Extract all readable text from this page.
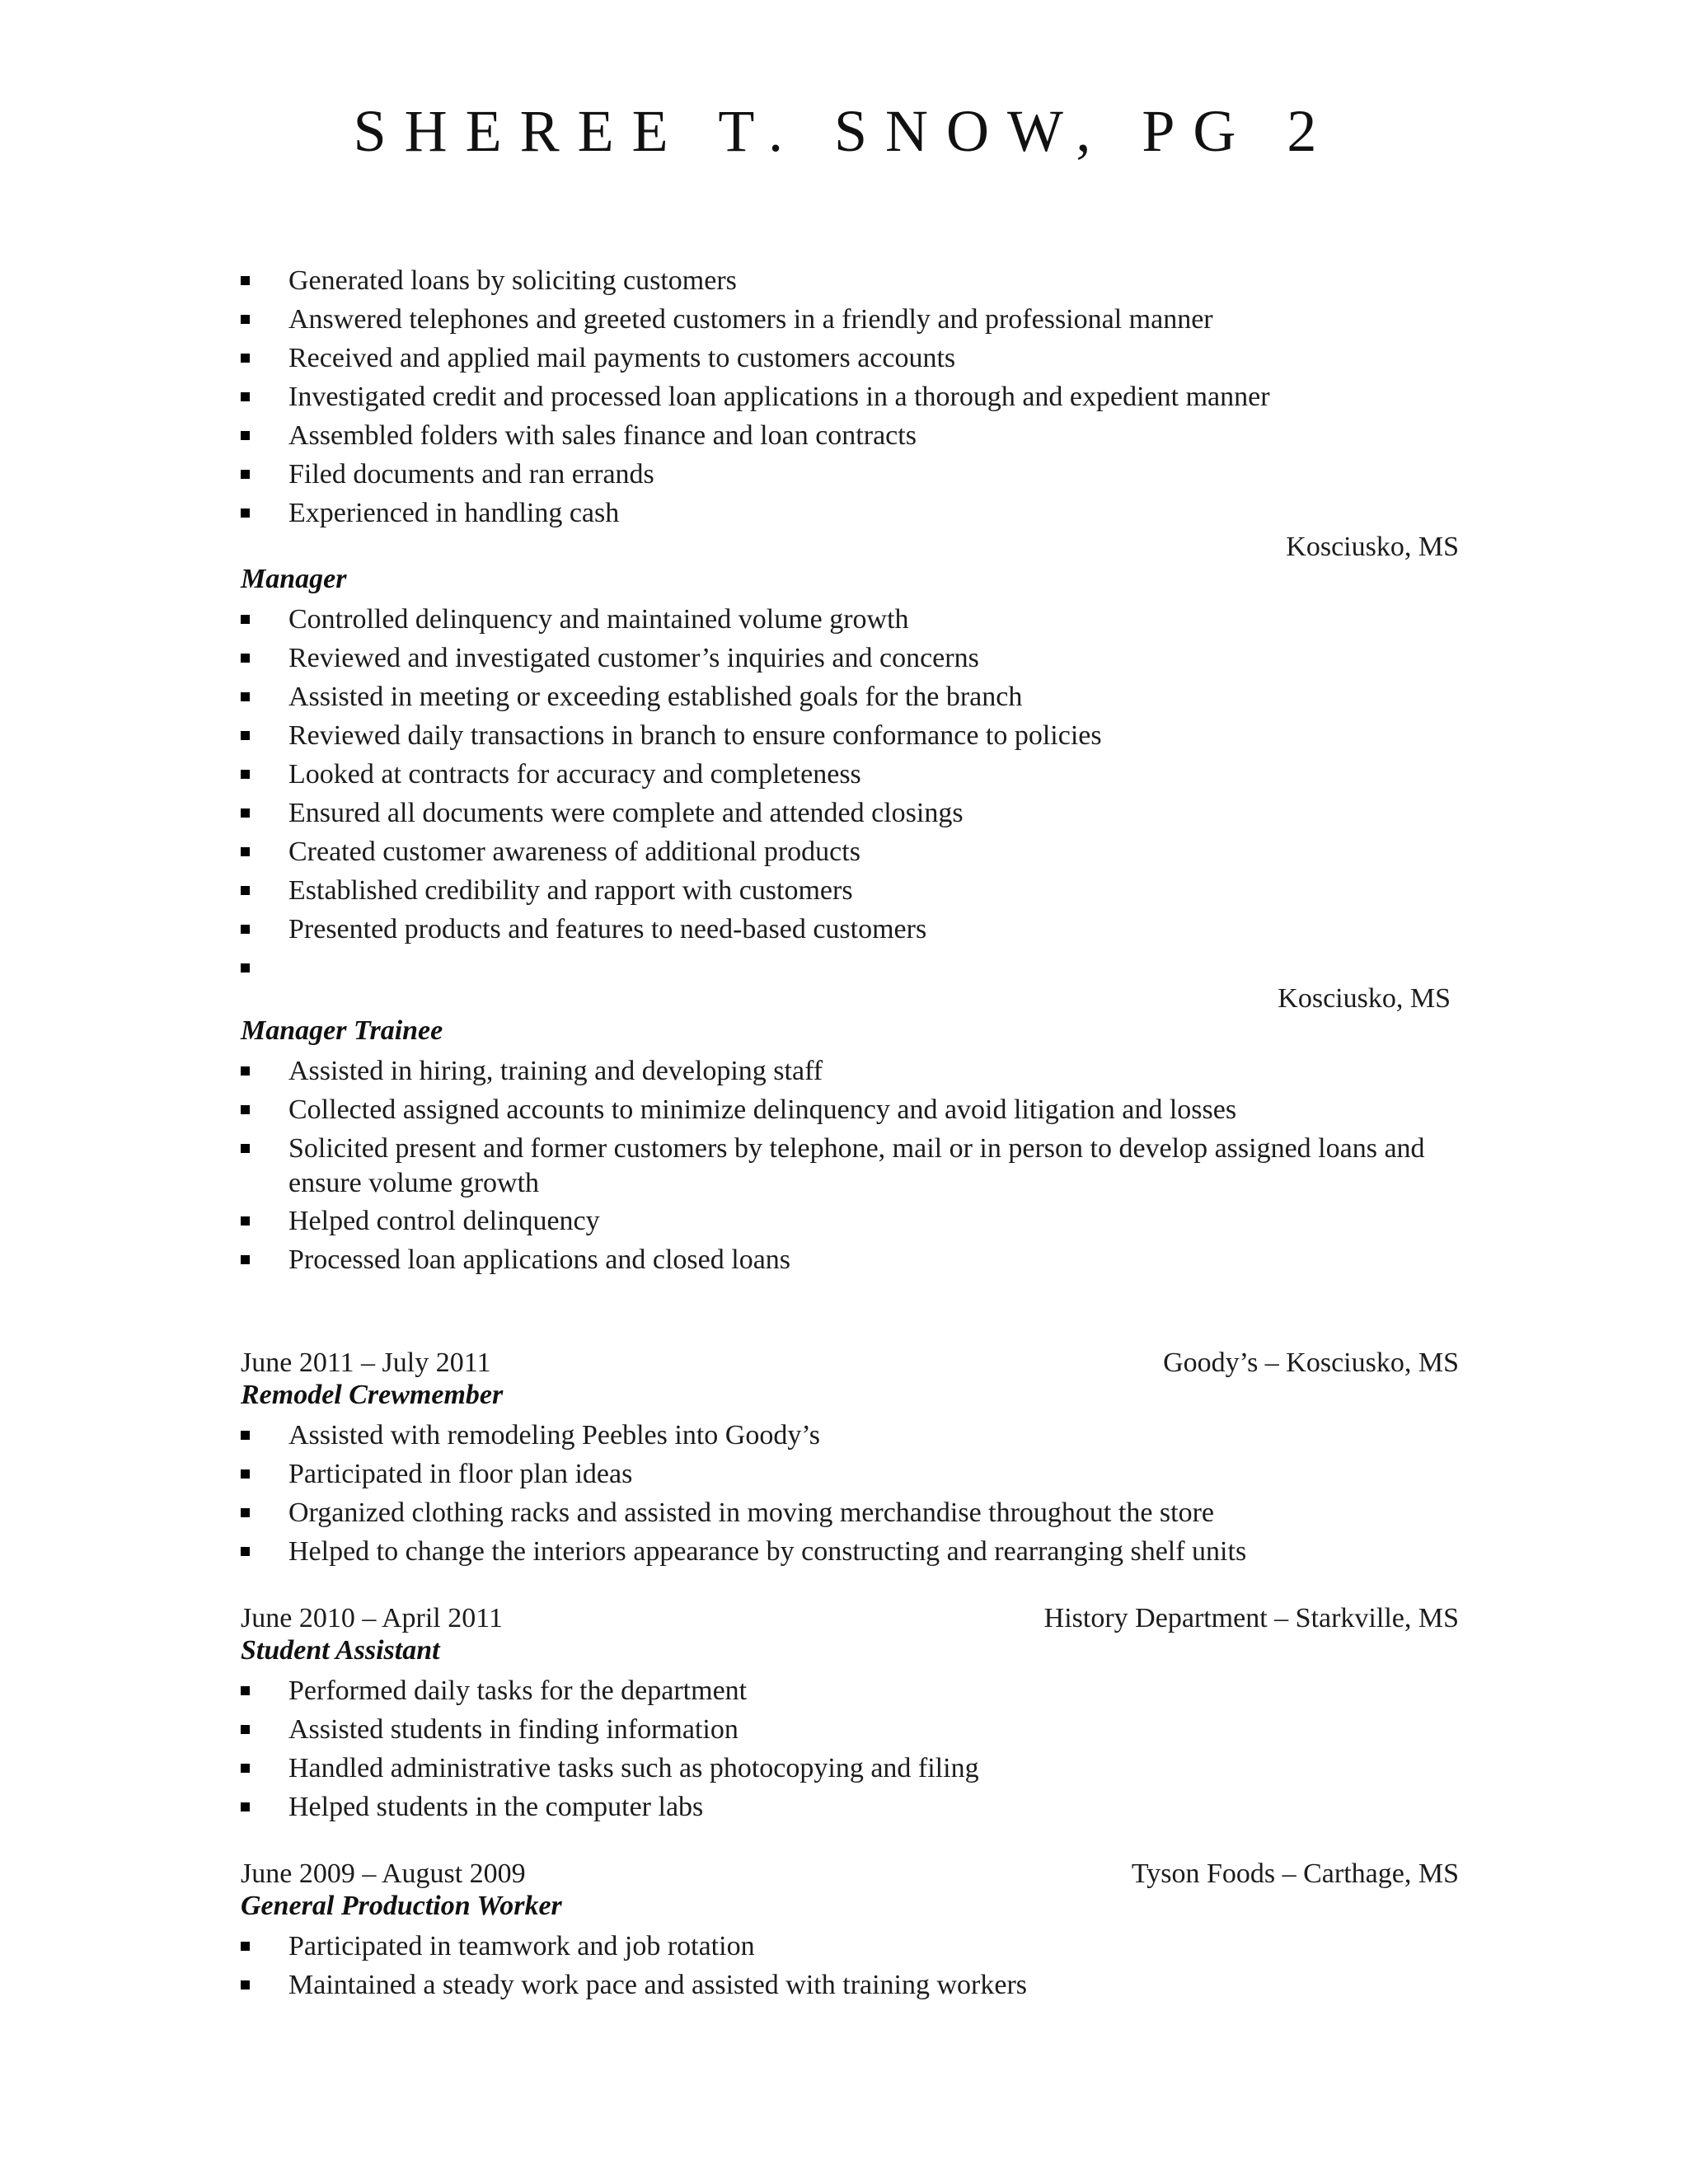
SHEREE T. SNOW, PG 2
Generated loans by soliciting customers
Answered telephones and greeted customers in a friendly and professional manner
Received and applied mail payments to customers accounts
Investigated credit and processed loan applications in a thorough and expedient manner
Assembled folders with sales finance and loan contracts
Filed documents and ran errands
Experienced in handling cash
Kosciusko, MS
Manager
Controlled delinquency and maintained volume growth
Reviewed and investigated customer’s inquiries and concerns
Assisted in meeting or exceeding established goals for the branch
Reviewed daily transactions in branch to ensure conformance to policies
Looked at contracts for accuracy and completeness
Ensured all documents were complete and attended closings
Created customer awareness of additional products
Established credibility and rapport with customers
Presented products and features to need-based customers
Kosciusko, MS
Manager Trainee
Assisted in hiring, training and developing staff
Collected assigned accounts to minimize delinquency and avoid litigation and losses
Solicited present and former customers by telephone, mail or in person to develop assigned loans and ensure volume growth
Helped control delinquency
Processed loan applications and closed loans
June 2011 – July 2011	Goody’s – Kosciusko, MS
Remodel Crewmember
Assisted with remodeling Peebles into Goody’s
Participated in floor plan ideas
Organized clothing racks and assisted in moving merchandise throughout the store
Helped to change the interiors appearance by constructing and rearranging shelf units
June 2010 – April 2011	History Department – Starkville, MS
Student Assistant
Performed daily tasks for the department
Assisted students in finding information
Handled administrative tasks such as photocopying and filing
Helped students in the computer labs
June 2009 – August 2009	Tyson Foods – Carthage, MS
General Production Worker
Participated in teamwork and job rotation
Maintained a steady work pace and assisted with training workers
